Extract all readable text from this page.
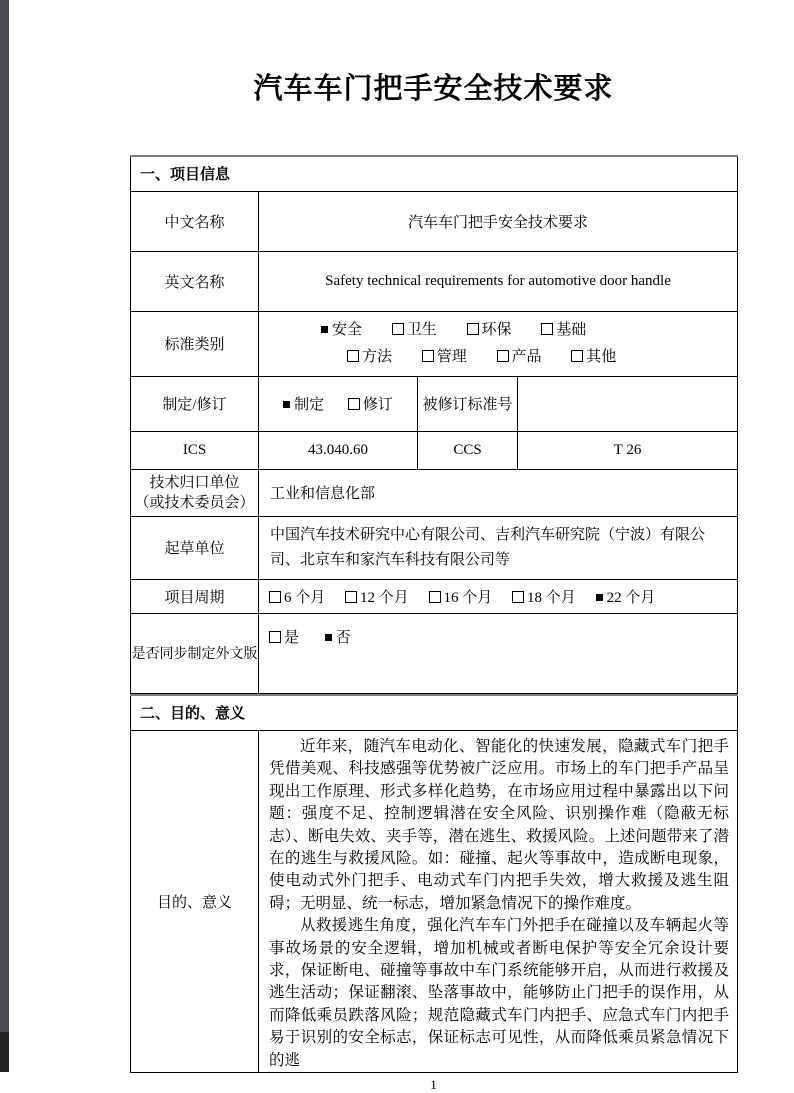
汽车车门把手安全技术要求
一、项目信息			
中文名称	汽车车门把手安全技术要求		
英文名称	Safety technical requirements for automotive door handle		
标准类别	安全 卫生 环保 基础
方法 管理 产品 其他		

制定/修订	制定 修订	被修订标准号	
ICS	43.040.60	CCS	T 26

技术归口单位
（或技术委员会）	工业和信息化部		
起草单位	中国汽车技术研究中心有限公司、吉利汽车研究院（宁波）有限公司、北京车和家汽车科技有限公司等		
项目周期	6 个月 12 个月 16 个月 18 个月 22 个月		
是否同步制定外文版	是 否		
二、目的、意义
目的、意义	

近年来，随汽车电动化、智能化的快速发展，隐藏式车门把手凭借美观、科技感强等优势被广泛应用。市场上的车门把手产品呈现出工作原理、形式多样化趋势，在市场应用过程中暴露出以下问题：强度不足、控制逻辑潜在安全风险、识别操作难（隐蔽无标志）、断电失效、夹手等，潜在逃生、救援风险。上述问题带来了潜在的逃生与救援风险。如：碰撞、起火等事故中，造成断电现象，使电动式外门把手、电动式车门内把手失效，增大救援及逃生阻碍；无明显、统一标志，增加紧急情况下的操作难度。

从救援逃生角度，强化汽车车门外把手在碰撞以及车辆起火等事故场景的安全逻辑，增加机械或者断电保护等安全冗余设计要求，保证断电、碰撞等事故中车门系统能够开启，从而进行救援及逃生活动；保证翻滚、坠落事故中，能够防止门把手的误作用，从而降低乘员跌落风险；规范隐藏式车门内把手、应急式车门内把手易于识别的安全标志，保证标志可见性，从而降低乘员紧急情况下的逃

1
